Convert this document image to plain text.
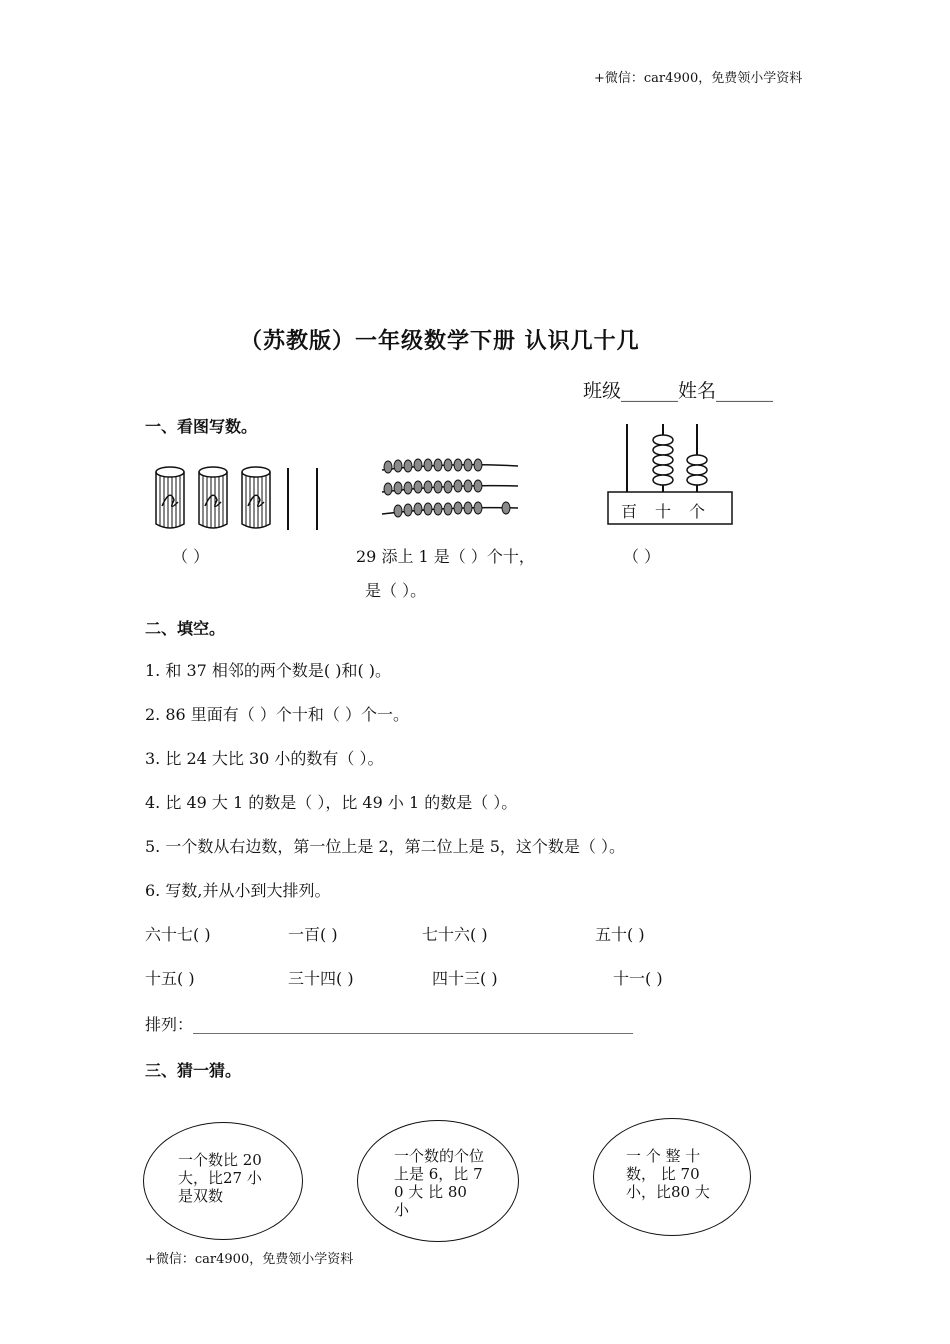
+微信：car4900，免费领小学资料
（苏教版）一年级数学下册 认识几十几
班级______姓名______
一、看图写数。
（ ）	29 添上 1 是（ ）个十，
是（ ）。
百 十 个
（ ）
二、填空。
1. 和 37 相邻的两个数是( )和( )。
2. 86 里面有（ ）个十和（ ）个一。
3. 比 24 大比 30 小的数有（ ）。
4. 比 49 大 1 的数是（ ），比 49 小 1 的数是（ ）。
5. 一个数从右边数，第一位上是 2，第二位上是 5，这个数是（ ）。
6. 写数,并从小到大排列。
六十七( )	一百( )	七十六( )	五十( )
十五( )	三十四( )	四十三( )	十一( )
排列：_______________________________________________________
三、猜一猜。
一个数比 20 大，比27 小是双数
一个数的个位上是 6，比 70 大 比 80 小
一 个 整 十 数， 比 70 小，比80 大
+微信：car4900，免费领小学资料
